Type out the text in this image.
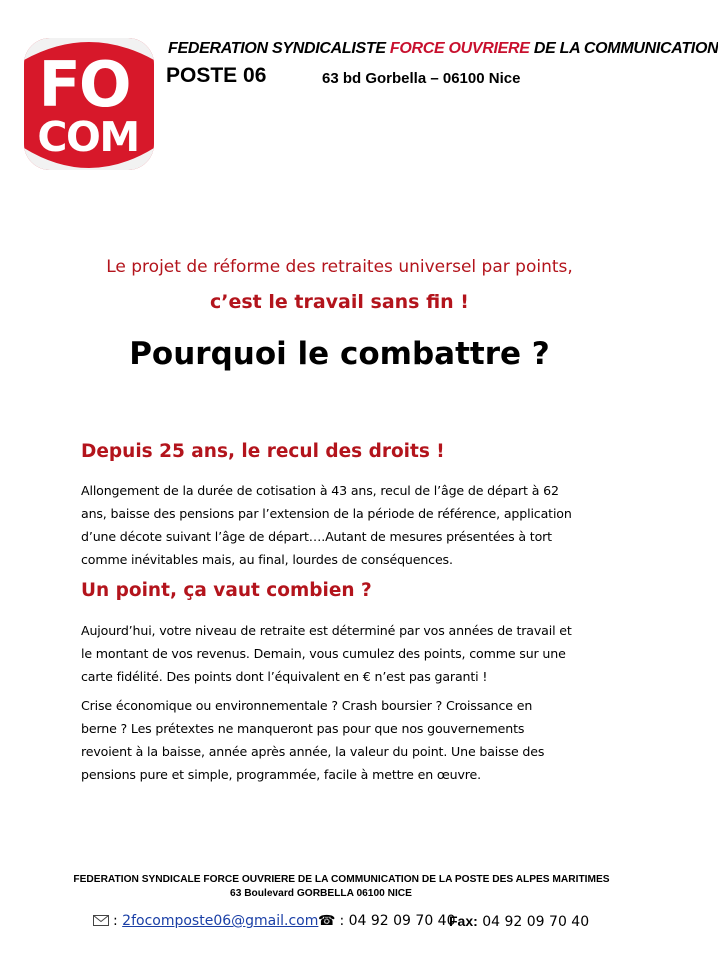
FO
COM
FEDERATION SYNDICALISTE FORCE OUVRIERE DE LA COMMUNICATION
POSTE 06	63 bd Gorbella – 06100 Nice
Le projet de réforme des retraites universel par points,
c’est le travail sans fin !
Pourquoi le combattre ?
Depuis 25 ans, le recul des droits !
Allongement de la durée de cotisation à 43 ans, recul de l’âge de départ à 62
ans, baisse des pensions par l’extension de la période de référence, application
d’une décote suivant l’âge de départ….Autant de mesures présentées à tort
comme inévitables mais, au final, lourdes de conséquences.
Un point, ça vaut combien ?
Aujourd’hui, votre niveau de retraite est déterminé par vos années de travail et
le montant de vos revenus. Demain, vous cumulez des points, comme sur une
carte fidélité. Des points dont l’équivalent en € n’est pas garanti !
Crise économique ou environnementale ? Crash boursier ? Croissance en
berne ? Les prétextes ne manqueront pas pour que nos gouvernements
revoient à la baisse, année après année, la valeur du point. Une baisse des
pensions pure et simple, programmée, facile à mettre en œuvre.
FEDERATION SYNDICALE FORCE OUVRIERE DE LA COMMUNICATION DE LA POSTE DES ALPES MARITIMES
63 Boulevard GORBELLA 06100 NICE
: 2focomposte06@gmail.com ☎ : 04 92 09 70 40
Fax: 04 92 09 70 40
